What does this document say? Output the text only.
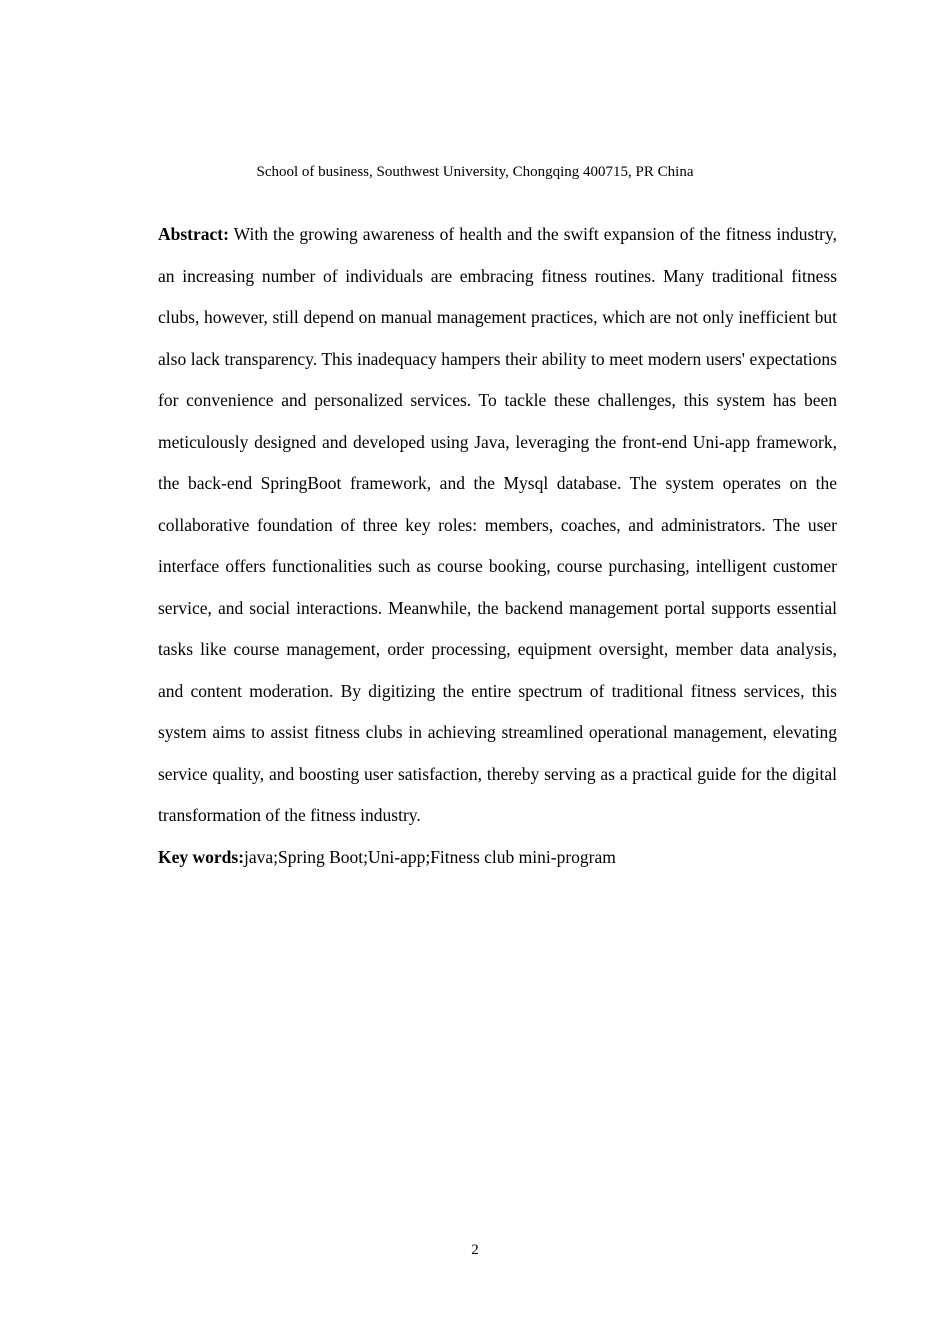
School of business, Southwest University, Chongqing 400715, PR China

Abstract: With the growing awareness of health and the swift expansion of the fitness industry, an increasing number of individuals are embracing fitness routines. Many traditional fitness clubs, however, still depend on manual management practices, which are not only inefficient but also lack transparency. This inadequacy hampers their ability to meet modern users' expectations for convenience and personalized services. To tackle these challenges, this system has been meticulously designed and developed using Java, leveraging the front-end Uni-app framework, the back-end SpringBoot framework, and the Mysql database. The system operates on the collaborative foundation of three key roles: members, coaches, and administrators. The user interface offers functionalities such as course booking, course purchasing, intelligent customer service, and social interactions. Meanwhile, the backend management portal supports essential tasks like course management, order processing, equipment oversight, member data analysis, and content moderation. By digitizing the entire spectrum of traditional fitness services, this system aims to assist fitness clubs in achieving streamlined operational management, elevating service quality, and boosting user satisfaction, thereby serving as a practical guide for the digital transformation of the fitness industry.

Key words:java;Spring Boot;Uni-app;Fitness club mini-program

2
